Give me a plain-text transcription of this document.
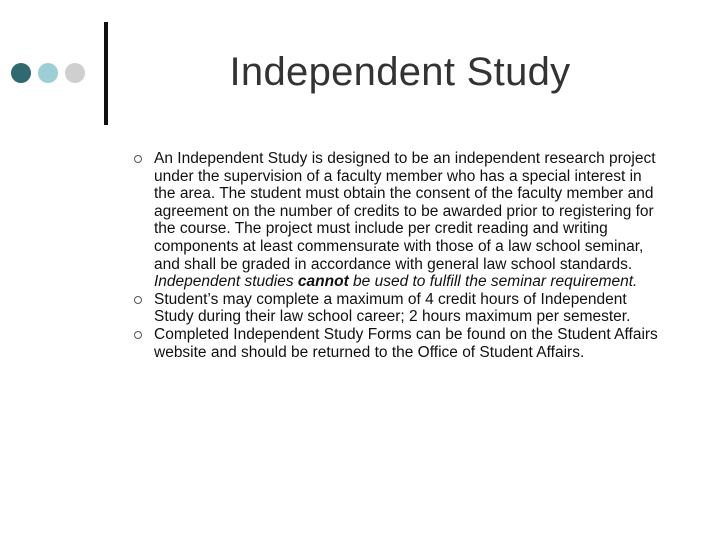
Independent Study
An Independent Study is designed to be an independent research project under the supervision of a faculty member who has a special interest in the area. The student must obtain the consent of the faculty member and agreement on the number of credits to be awarded prior to registering for the course. The project must include per credit reading and writing components at least commensurate with those of a law school seminar, and shall be graded in accordance with general law school standards. Independent studies cannot be used to fulfill the seminar requirement.
Student’s may complete a maximum of 4 credit hours of Independent Study during their law school career; 2 hours maximum per semester.
Completed Independent Study Forms can be found on the Student Affairs website and should be returned to the Office of Student Affairs.
